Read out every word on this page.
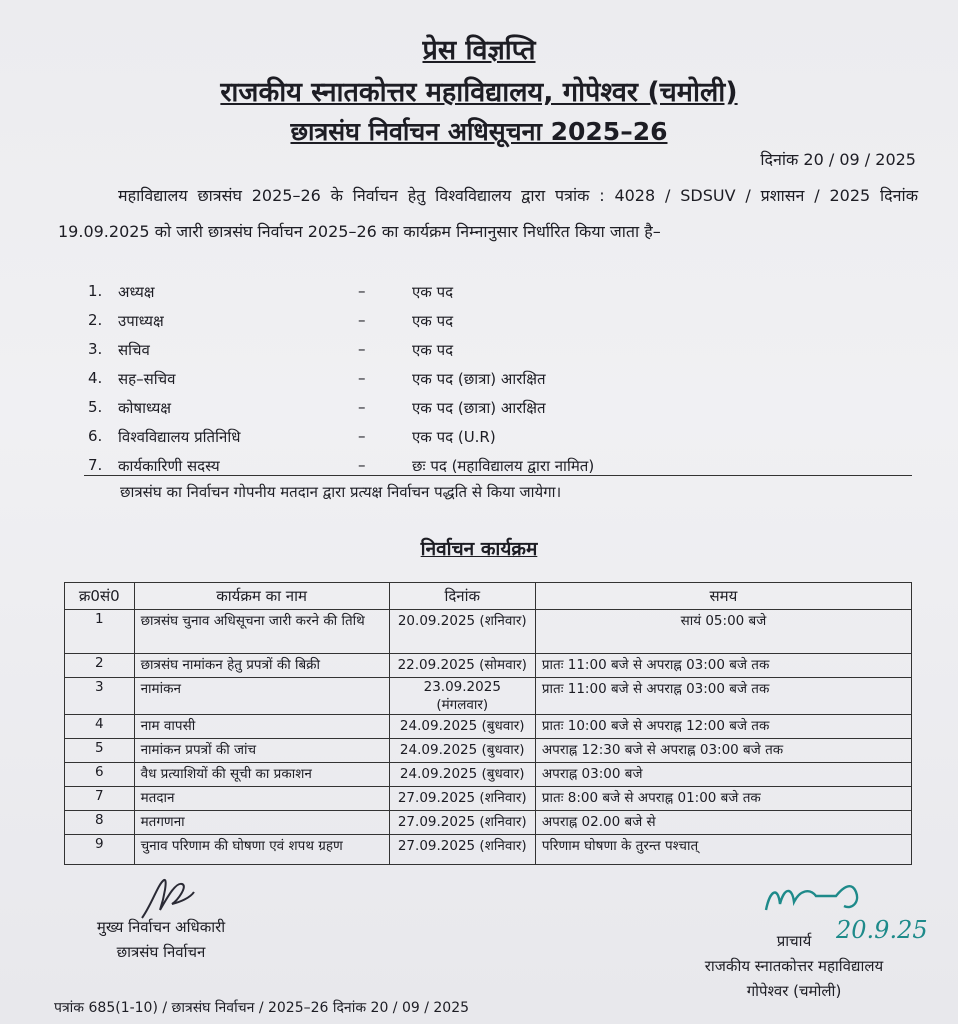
प्रेस विज्ञप्ति
राजकीय स्नातकोत्तर महाविद्यालय, गोपेश्वर (चमोली)
छात्रसंघ निर्वाचन अधिसूचना 2025–26
दिनांक 20 / 09 / 2025
महाविद्यालय छात्रसंघ 2025–26 के निर्वाचन हेतु विश्वविद्यालय द्वारा पत्रांक : 4028 / SDSUV / प्रशासन / 2025 दिनांक 19.09.2025 को जारी छात्रसंघ निर्वाचन 2025–26 का कार्यक्रम निम्नानुसार निर्धारित किया जाता है–
1.	अध्यक्ष	–	एक पद
2.	उपाध्यक्ष	–	एक पद
3.	सचिव	–	एक पद
4.	सह–सचिव	–	एक पद (छात्रा) आरक्षित
5.	कोषाध्यक्ष	–	एक पद (छात्रा) आरक्षित
6.	विश्वविद्यालय प्रतिनिधि	–	एक पद (U.R)
7.	कार्यकारिणी सदस्य	–	छः पद (महाविद्यालय द्वारा नामित)
छात्रसंघ का निर्वाचन गोपनीय मतदान द्वारा प्रत्यक्ष निर्वाचन पद्धति से किया जायेगा।
निर्वाचन कार्यक्रम
क्र0सं0	कार्यक्रम का नाम	दिनांक	समय
1	छात्रसंघ चुनाव अधिसूचना जारी करने की तिथि	20.09.2025 (शनिवार)	सायं 05:00 बजे
2	छात्रसंघ नामांकन हेतु प्रपत्रों की बिक्री	22.09.2025 (सोमवार)	प्रातः 11:00 बजे से अपराह्न 03:00 बजे तक
3	नामांकन	23.09.2025 (मंगलवार)	प्रातः 11:00 बजे से अपराह्न 03:00 बजे तक
4	नाम वापसी	24.09.2025 (बुधवार)	प्रातः 10:00 बजे से अपराह्न 12:00 बजे तक
5	नामांकन प्रपत्रों की जांच	24.09.2025 (बुधवार)	अपराह्न 12:30 बजे से अपराह्न 03:00 बजे तक
6	वैध प्रत्याशियों की सूची का प्रकाशन	24.09.2025 (बुधवार)	अपराह्न 03:00 बजे
7	मतदान	27.09.2025 (शनिवार)	प्रातः 8:00 बजे से अपराह्न 01:00 बजे तक
8	मतगणना	27.09.2025 (शनिवार)	अपराह्न 02.00 बजे से
9	चुनाव परिणाम की घोषणा एवं शपथ ग्रहण	27.09.2025 (शनिवार)	परिणाम घोषणा के तुरन्त पश्चात्
मुख्य निर्वाचन अधिकारी
छात्रसंघ निर्वाचन
20.9.25
प्राचार्य
राजकीय स्नातकोत्तर महाविद्यालय
गोपेश्वर (चमोली)
पत्रांक 685(1-10) / छात्रसंघ निर्वाचन / 2025–26 दिनांक 20 / 09 / 2025
